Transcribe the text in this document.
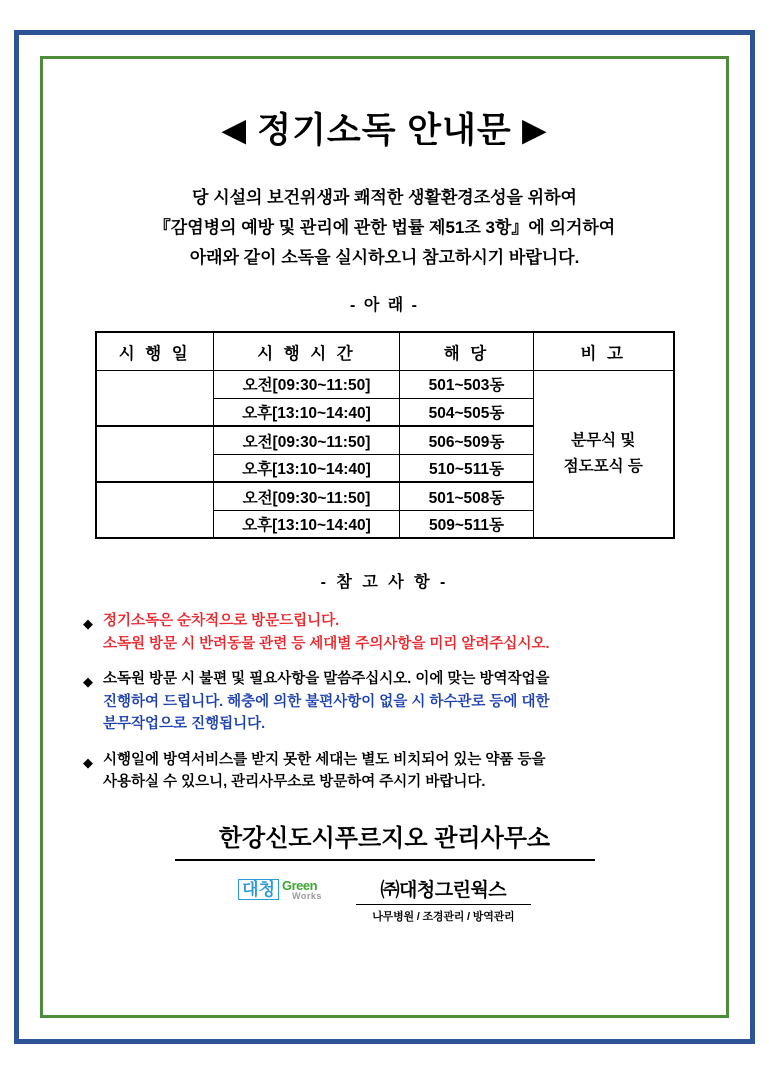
◀ 정기소독 안내문 ▶
당 시설의 보건위생과 쾌적한 생활환경조성을 위하여
『감염병의 예방 및 관리에 관한 법률 제51조 3항』에 의거하여
아래와 같이 소독을 실시하오니 참고하시기 바랍니다.
- 아 래 -
시 행 일	시 행 시 간	해 당	비 고
	오전[09:30~11:50]	501~503동	분무식 및
점도포식 등

	오후[13:10~14:40]	504~505동	
	오전[09:30~11:50]	506~509동	
	오후[13:10~14:40]	510~511동	
	오전[09:30~11:50]	501~508동	
	오후[13:10~14:40]	509~511동	
- 참 고 사 항 -
◆ 정기소독은 순차적으로 방문드립니다.
소독원 방문 시 반려동물 관련 등 세대별 주의사항을 미리 알려주십시오.
◆ 소독원 방문 시 불편 및 필요사항을 말씀주십시오. 이에 맞는 방역작업을
진행하여 드립니다. 해충에 의한 불편사항이 없을 시 하수관로 등에 대한
분무작업으로 진행됩니다.
◆ 시행일에 방역서비스를 받지 못한 세대는 별도 비치되어 있는 약품 등을
사용하실 수 있으니, 관리사무소로 방문하여 주시기 바랍니다.
한강신도시푸르지오 관리사무소
대청 Green
Works	㈜대청그린웍스
나무병원 / 조경관리 / 방역관리
